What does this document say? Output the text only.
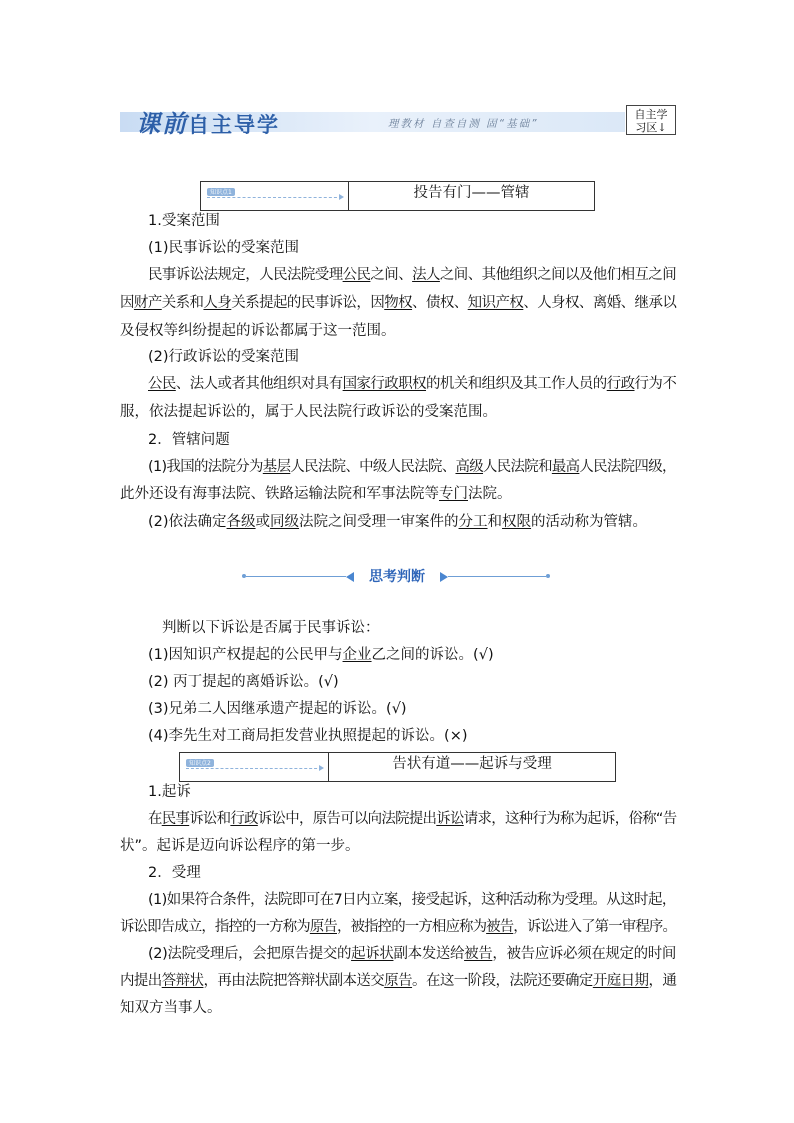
课前自主导学	理教材 自查自测 固“基础”
自主学
习区↓
知识点1	投告有门——管辖
1.受案范围
(1)民事诉讼的受案范围
民事诉讼法规定，人民法院受理公民之间、法人之间、其他组织之间以及他们相互之间
因财产关系和人身关系提起的民事诉讼，因物权、债权、知识产权、人身权、离婚、继承以
及侵权等纠纷提起的诉讼都属于这一范围。
(2)行政诉讼的受案范围
公民、法人或者其他组织对具有国家行政职权的机关和组织及其工作人员的行政行为不
服，依法提起诉讼的，属于人民法院行政诉讼的受案范围。
2．管辖问题
(1)我国的法院分为基层人民法院、中级人民法院、高级人民法院和最高人民法院四级，
此外还设有海事法院、铁路运输法院和军事法院等专门法院。
(2)依法确定各级或同级法院之间受理一审案件的分工和权限的活动称为管辖。
思考判断
判断以下诉讼是否属于民事诉讼：
(1)因知识产权提起的公民甲与企业乙之间的诉讼。(√)
(2) 丙丁提起的离婚诉讼。(√)
(3)兄弟二人因继承遗产提起的诉讼。(√)
(4)李先生对工商局拒发营业执照提起的诉讼。(×)
知识点2	告状有道——起诉与受理
1.起诉
在民事诉讼和行政诉讼中，原告可以向法院提出诉讼请求，这种行为称为起诉，俗称“告
状”。起诉是迈向诉讼程序的第一步。
2．受理
(1)如果符合条件，法院即可在7日内立案，接受起诉，这种活动称为受理。从这时起，
诉讼即告成立，指控的一方称为原告，被指控的一方相应称为被告，诉讼进入了第一审程序。
(2)法院受理后，会把原告提交的起诉状副本发送给被告，被告应诉必须在规定的时间
内提出答辩状，再由法院把答辩状副本送交原告。在这一阶段，法院还要确定开庭日期，通
知双方当事人。
